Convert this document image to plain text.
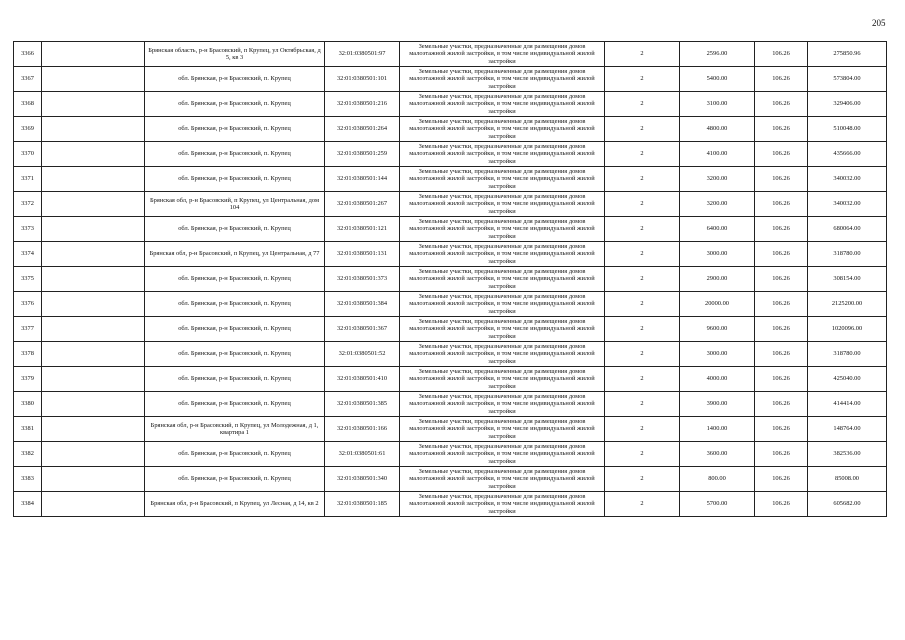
205
3366		Брянская область, р-н Брасовский, п Крупец, ул Октябрьская, д 5, кв 3	32:01:0380501:97	Земельные участки, предназначенные для размещения домов малоэтажной жилой застройки, в том числе индивидуальной жилой застройки	2	2596.00	106.26	275850.96
3367		обл. Брянская, р-н Брасовский, п. Крупец	32:01:0380501:101	Земельные участки, предназначенные для размещения домов малоэтажной жилой застройки, в том числе индивидуальной жилой застройки	2	5400.00	106.26	573804.00
3368		обл. Брянская, р-н Брасовский, п. Крупец	32:01:0380501:216	Земельные участки, предназначенные для размещения домов малоэтажной жилой застройки, в том числе индивидуальной жилой застройки	2	3100.00	106.26	329406.00
3369		обл. Брянская, р-н Брасовский, п. Крупец	32:01:0380501:264	Земельные участки, предназначенные для размещения домов малоэтажной жилой застройки, в том числе индивидуальной жилой застройки	2	4800.00	106.26	510048.00
3370		обл. Брянская, р-н Брасовский, п. Крупец	32:01:0380501:259	Земельные участки, предназначенные для размещения домов малоэтажной жилой застройки, в том числе индивидуальной жилой застройки	2	4100.00	106.26	435666.00
3371		обл. Брянская, р-н Брасовский, п. Крупец	32:01:0380501:144	Земельные участки, предназначенные для размещения домов малоэтажной жилой застройки, в том числе индивидуальной жилой застройки	2	3200.00	106.26	340032.00
3372		Брянская обл, р-н Брасовский, п Крупец, ул Центральная, дом 104	32:01:0380501:267	Земельные участки, предназначенные для размещения домов малоэтажной жилой застройки, в том числе индивидуальной жилой застройки	2	3200.00	106.26	340032.00
3373		обл. Брянская, р-н Брасовский, п. Крупец	32:01:0380501:121	Земельные участки, предназначенные для размещения домов малоэтажной жилой застройки, в том числе индивидуальной жилой застройки	2	6400.00	106.26	680064.00
3374		Брянская обл, р-н Брасовский, п Крупец, ул Центральная, д 77	32:01:0380501:131	Земельные участки, предназначенные для размещения домов малоэтажной жилой застройки, в том числе индивидуальной жилой застройки	2	3000.00	106.26	318780.00
3375		обл. Брянская, р-н Брасовский, п. Крупец	32:01:0380501:373	Земельные участки, предназначенные для размещения домов малоэтажной жилой застройки, в том числе индивидуальной жилой застройки	2	2900.00	106.26	308154.00
3376		обл. Брянская, р-н Брасовский, п. Крупец	32:01:0380501:384	Земельные участки, предназначенные для размещения домов малоэтажной жилой застройки, в том числе индивидуальной жилой застройки	2	20000.00	106.26	2125200.00
3377		обл. Брянская, р-н Брасовский, п. Крупец	32:01:0380501:367	Земельные участки, предназначенные для размещения домов малоэтажной жилой застройки, в том числе индивидуальной жилой застройки	2	9600.00	106.26	1020096.00
3378		обл. Брянская, р-н Брасовский, п. Крупец	32:01:0380501:52	Земельные участки, предназначенные для размещения домов малоэтажной жилой застройки, в том числе индивидуальной жилой застройки	2	3000.00	106.26	318780.00
3379		обл. Брянская, р-н Брасовский, п. Крупец	32:01:0380501:410	Земельные участки, предназначенные для размещения домов малоэтажной жилой застройки, в том числе индивидуальной жилой застройки	2	4000.00	106.26	425040.00
3380		обл. Брянская, р-н Брасовский, п. Крупец	32:01:0380501:385	Земельные участки, предназначенные для размещения домов малоэтажной жилой застройки, в том числе индивидуальной жилой застройки	2	3900.00	106.26	414414.00
3381		Брянская обл, р-н Брасовский, п Крупец, ул Молодежная, д 1, квартира 1	32:01:0380501:166	Земельные участки, предназначенные для размещения домов малоэтажной жилой застройки, в том числе индивидуальной жилой застройки	2	1400.00	106.26	148764.00
3382		обл. Брянская, р-н Брасовский, п. Крупец	32:01:0380501:61	Земельные участки, предназначенные для размещения домов малоэтажной жилой застройки, в том числе индивидуальной жилой застройки	2	3600.00	106.26	382536.00
3383		обл. Брянская, р-н Брасовский, п. Крупец	32:01:0380501:340	Земельные участки, предназначенные для размещения домов малоэтажной жилой застройки, в том числе индивидуальной жилой застройки	2	800.00	106.26	85008.00
3384		Брянская обл, р-н Брасовский, п Крупец, ул Лесная, д 14, кв 2	32:01:0380501:185	Земельные участки, предназначенные для размещения домов малоэтажной жилой застройки, в том числе индивидуальной жилой застройки	2	5700.00	106.26	605682.00
